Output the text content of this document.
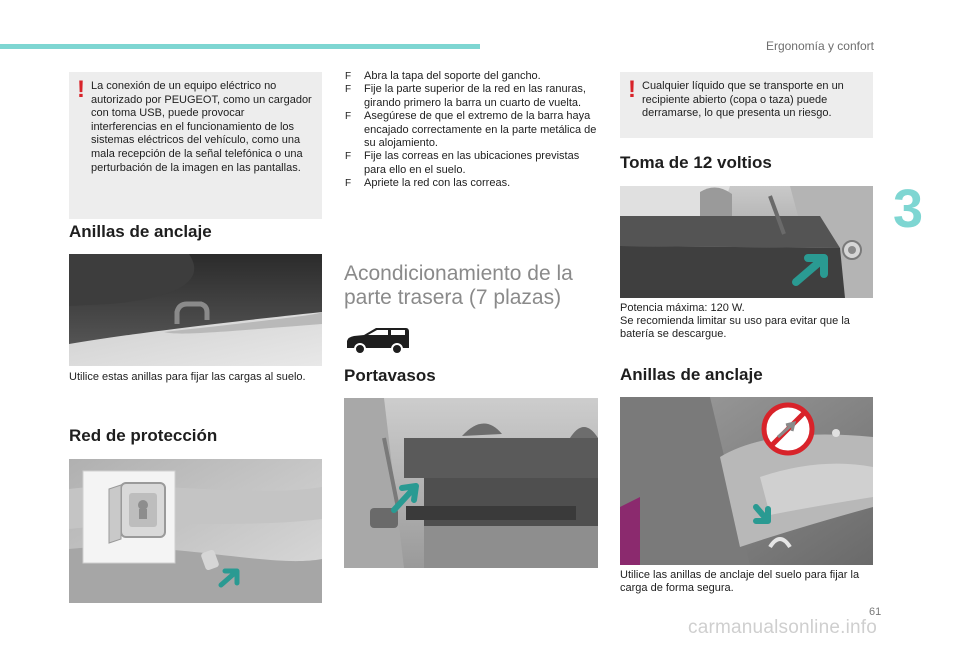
Ergonomía y confort
3
! La conexión de un equipo eléctrico no autorizado por PEUGEOT, como un cargador con toma USB, puede provocar interferencias en el funcionamiento de los sistemas eléctricos del vehículo, como una mala recepción de la señal telefónica o una perturbación de la imagen en las pantallas.
Anillas de anclaje
Utilice estas anillas para fijar las cargas al suelo.
Red de protección
F Abra la tapa del soporte del gancho.
F Fije la parte superior de la red en las ranuras, girando primero la barra un cuarto de vuelta.
F Asegúrese de que el extremo de la barra haya encajado correctamente en la parte metálica de su alojamiento.
F Fije las correas en las ubicaciones previstas para ello en el suelo.
F Apriete la red con las correas.
Acondicionamiento de la
parte trasera (7 plazas)
Portavasos
! Cualquier líquido que se transporte en un recipiente abierto (copa o taza) puede derramarse, lo que presenta un riesgo.
Toma de 12 voltios
Potencia máxima: 120 W.
Se recomienda limitar su uso para evitar que la batería se descargue.
Anillas de anclaje
Utilice las anillas de anclaje del suelo para fijar la carga de forma segura.
61
carmanualsonline.info
